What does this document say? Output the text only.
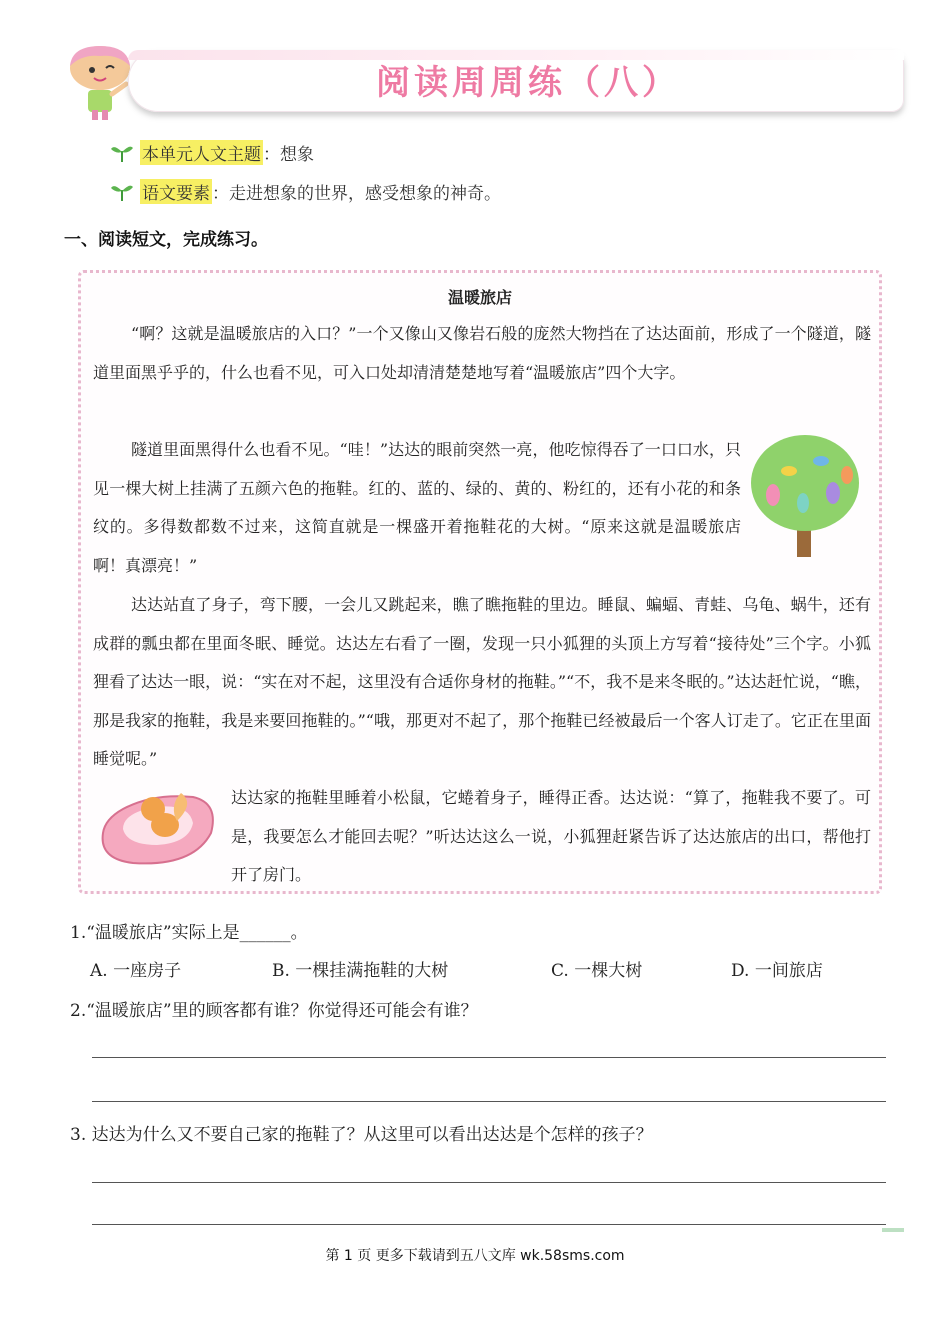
阅读周周练（八）
本单元人文主题 ： 想象
语文要素 ： 走进想象的世界，感受想象的神奇。
一、 阅读短文，完成练习。
温暖旅店

“啊？这就是温暖旅店的入口？”一个又像山又像岩石般的庞然大物挡在了达达面前，形成了一个隧道，隧道里面黑乎乎的，什么也看不见，可入口处却清清楚楚地写着“温暖旅店”四个大字。

隧道里面黑得什么也看不见。“哇！”达达的眼前突然一亮，他吃惊得吞了一口口水，只见一棵大树上挂满了五颜六色的拖鞋。红的、蓝的、绿的、黄的、粉红的，还有小花的和条纹的。多得数都数不过来，这简直就是一棵盛开着拖鞋花的大树。“原来这就是温暖旅店啊！真漂亮！”

达达站直了身子，弯下腰，一会儿又跳起来，瞧了瞧拖鞋的里边。睡鼠、蝙蝠、青蛙、乌龟、蜗牛，还有成群的瓢虫都在里面冬眠、睡觉。达达左右看了一圈，发现一只小狐狸的头顶上方写着“接待处”三个字。小狐狸看了达达一眼，说：“实在对不起，这里没有合适你身材的拖鞋。”“不，我不是来冬眠的。”达达赶忙说，“瞧，那是我家的拖鞋，我是来要回拖鞋的。”“哦，那更对不起了，那个拖鞋已经被最后一个客人订走了。它正在里面睡觉呢。”

达达家的拖鞋里睡着小松鼠，它蜷着身子，睡得正香。达达说：“算了，拖鞋我不要了。可是，我要怎么才能回去呢？”听达达这么一说，小狐狸赶紧告诉了达达旅店的出口，帮他打开了房门。

1.“温暖旅店”实际上是______。
A. 一座房子	B. 一棵挂满拖鞋的大树	C. 一棵大树	D. 一间旅店
2.“温暖旅店”里的顾客都有谁？你觉得还可能会有谁？
3. 达达为什么又不要自己家的拖鞋了？从这里可以看出达达是个怎样的孩子？
第 1 页 更多下载请到五八文库 wk.58sms.com
